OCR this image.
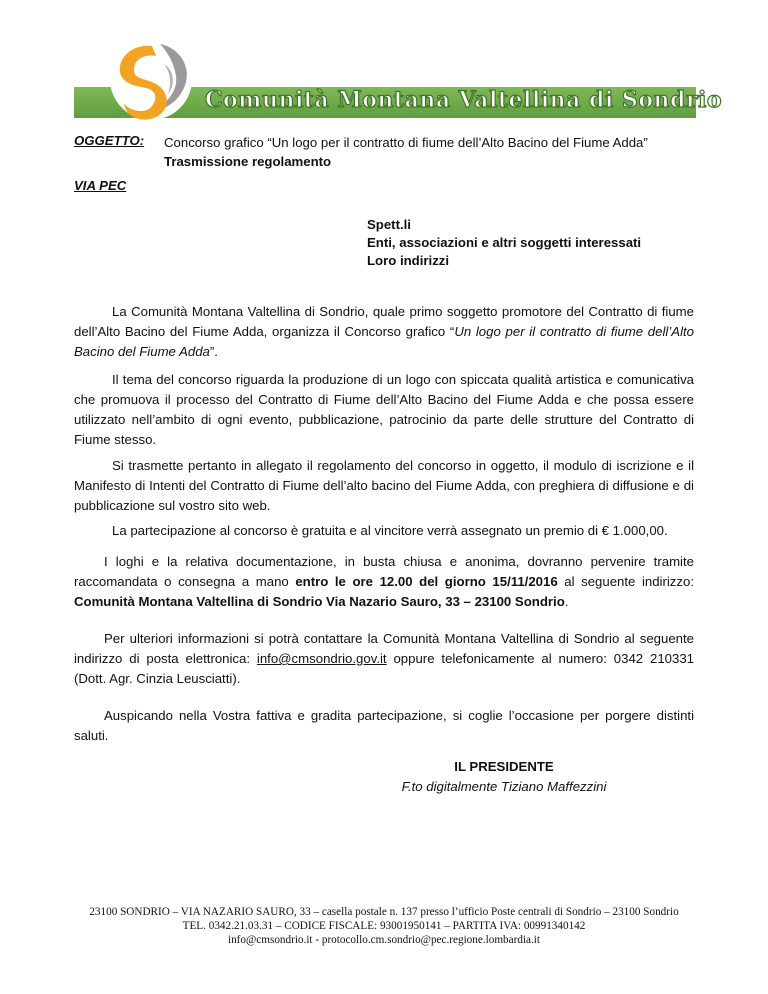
Comunità Montana Valtellina di Sondrio
OGGETTO: Concorso grafico “Un logo per il contratto di fiume dell’Alto Bacino del Fiume Adda”
Trasmissione regolamento
VIA PEC
Spett.li
Enti, associazioni e altri soggetti interessati
Loro indirizzi
La Comunità Montana Valtellina di Sondrio, quale primo soggetto promotore del Contratto di fiume dell’Alto Bacino del Fiume Adda, organizza il Concorso grafico “Un logo per il contratto di fiume dell’Alto Bacino del Fiume Adda”.
Il tema del concorso riguarda la produzione di un logo con spiccata qualità artistica e comunicativa che promuova il processo del Contratto di Fiume dell’Alto Bacino del Fiume Adda e che possa essere utilizzato nell’ambito di ogni evento, pubblicazione, patrocinio da parte delle strutture del Contratto di Fiume stesso.
Si trasmette pertanto in allegato il regolamento del concorso in oggetto, il modulo di iscrizione e il Manifesto di Intenti del Contratto di Fiume dell’alto bacino del Fiume Adda, con preghiera di diffusione e di pubblicazione sul vostro sito web.
La partecipazione al concorso è gratuita e al vincitore verrà assegnato un premio di € 1.000,00.
I loghi e la relativa documentazione, in busta chiusa e anonima, dovranno pervenire tramite raccomandata o consegna a mano entro le ore 12.00 del giorno 15/11/2016 al seguente indirizzo: Comunità Montana Valtellina di Sondrio Via Nazario Sauro, 33 – 23100 Sondrio.
Per ulteriori informazioni si potrà contattare la Comunità Montana Valtellina di Sondrio al seguente indirizzo di posta elettronica: info@cmsondrio.gov.it oppure telefonicamente al numero: 0342 210331 (Dott. Agr. Cinzia Leusciatti).
Auspicando nella Vostra fattiva e gradita partecipazione, si coglie l’occasione per porgere distinti saluti.
IL PRESIDENTE
F.to digitalmente Tiziano Maffezzini
23100 SONDRIO – VIA NAZARIO SAURO, 33 – casella postale n. 137 presso l’ufficio Poste centrali di Sondrio – 23100 Sondrio
TEL. 0342.21.03.31 – CODICE FISCALE: 93001950141 – PARTITA IVA: 00991340142
info@cmsondrio.it - protocollo.cm.sondrio@pec.regione.lombardia.it
